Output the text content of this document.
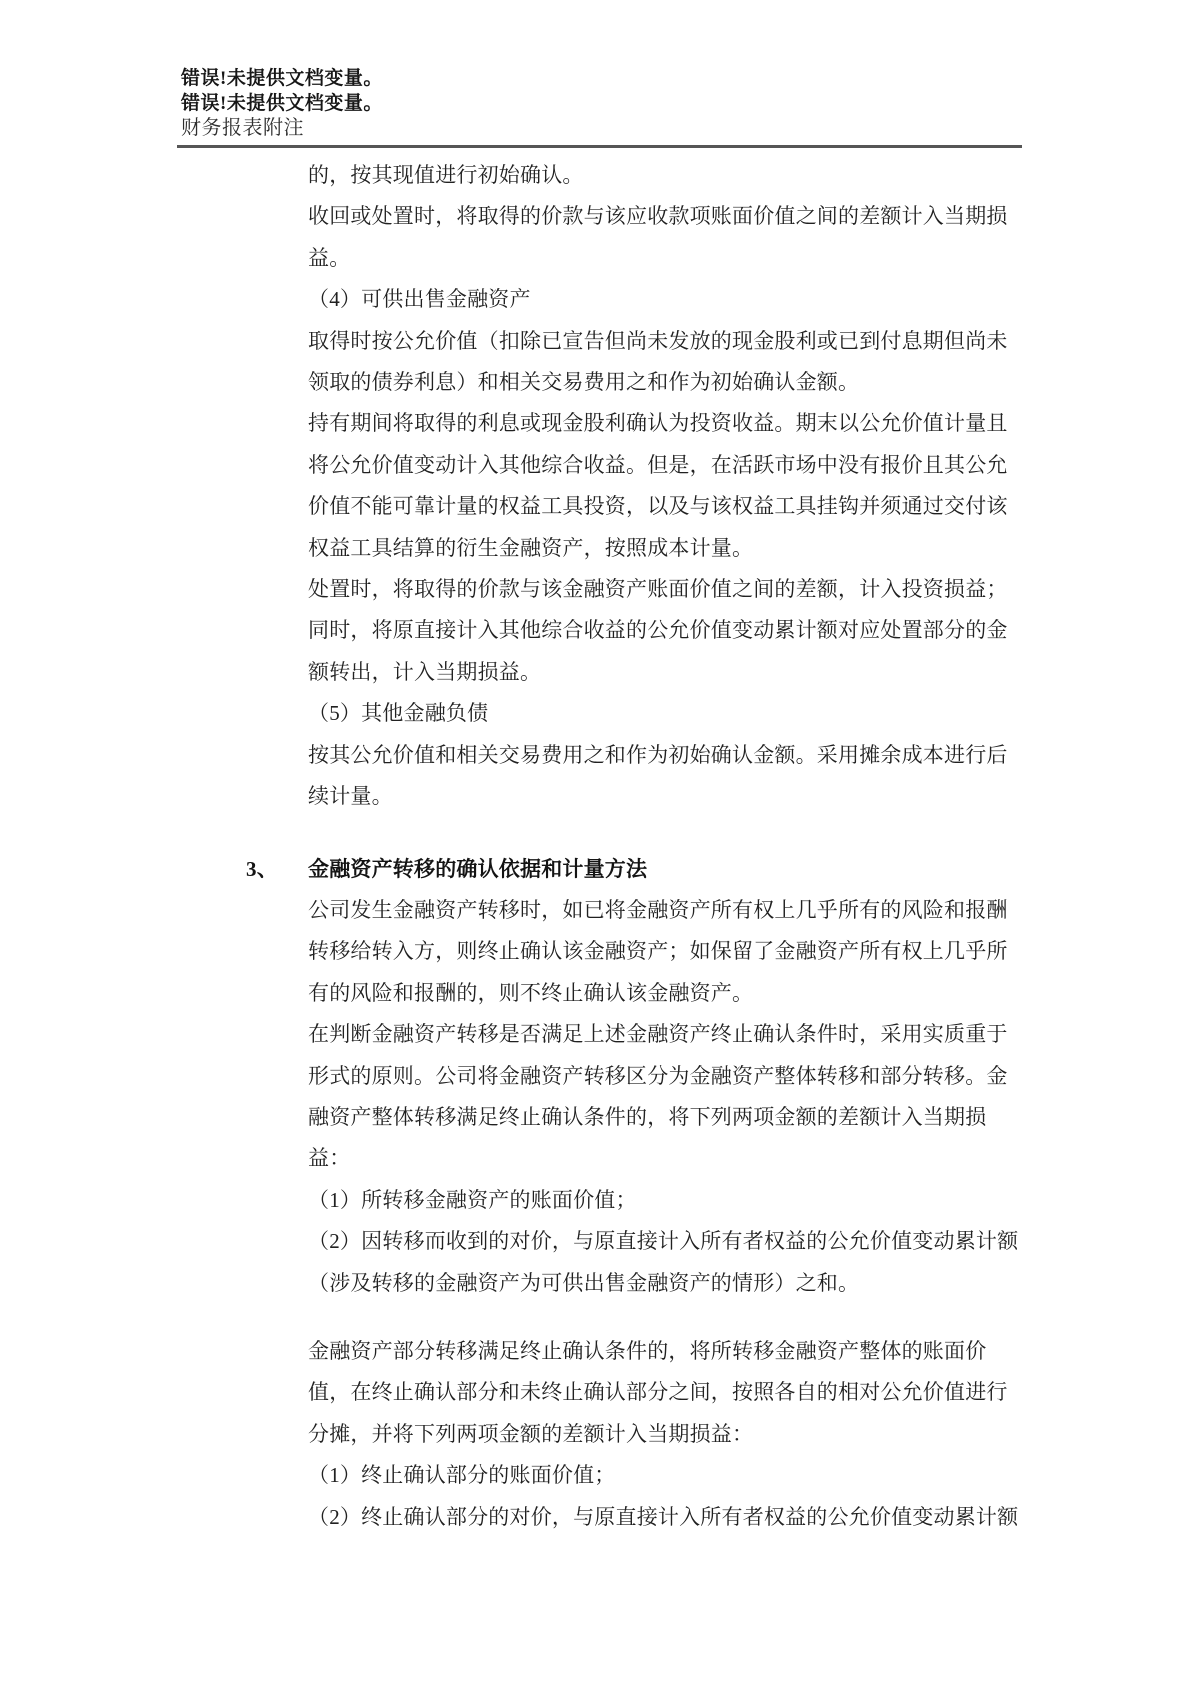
错误!未提供文档变量。
错误!未提供文档变量。
财务报表附注
的，按其现值进行初始确认。
收回或处置时，将取得的价款与该应收款项账面价值之间的差额计入当期损
益。
（4）可供出售金融资产
取得时按公允价值（扣除已宣告但尚未发放的现金股利或已到付息期但尚未
领取的债券利息）和相关交易费用之和作为初始确认金额。
持有期间将取得的利息或现金股利确认为投资收益。期末以公允价值计量且
将公允价值变动计入其他综合收益。但是，在活跃市场中没有报价且其公允
价值不能可靠计量的权益工具投资，以及与该权益工具挂钩并须通过交付该
权益工具结算的衍生金融资产，按照成本计量。
处置时，将取得的价款与该金融资产账面价值之间的差额，计入投资损益；
同时，将原直接计入其他综合收益的公允价值变动累计额对应处置部分的金
额转出，计入当期损益。
（5）其他金融负债
按其公允价值和相关交易费用之和作为初始确认金额。采用摊余成本进行后
续计量。
3、 金融资产转移的确认依据和计量方法
公司发生金融资产转移时，如已将金融资产所有权上几乎所有的风险和报酬
转移给转入方，则终止确认该金融资产；如保留了金融资产所有权上几乎所
有的风险和报酬的，则不终止确认该金融资产。
在判断金融资产转移是否满足上述金融资产终止确认条件时，采用实质重于
形式的原则。公司将金融资产转移区分为金融资产整体转移和部分转移。金
融资产整体转移满足终止确认条件的，将下列两项金额的差额计入当期损
益：
（1）所转移金融资产的账面价值；
（2）因转移而收到的对价，与原直接计入所有者权益的公允价值变动累计额
（涉及转移的金融资产为可供出售金融资产的情形）之和。
金融资产部分转移满足终止确认条件的，将所转移金融资产整体的账面价
值，在终止确认部分和未终止确认部分之间，按照各自的相对公允价值进行
分摊，并将下列两项金额的差额计入当期损益：
（1）终止确认部分的账面价值；
（2）终止确认部分的对价，与原直接计入所有者权益的公允价值变动累计额
